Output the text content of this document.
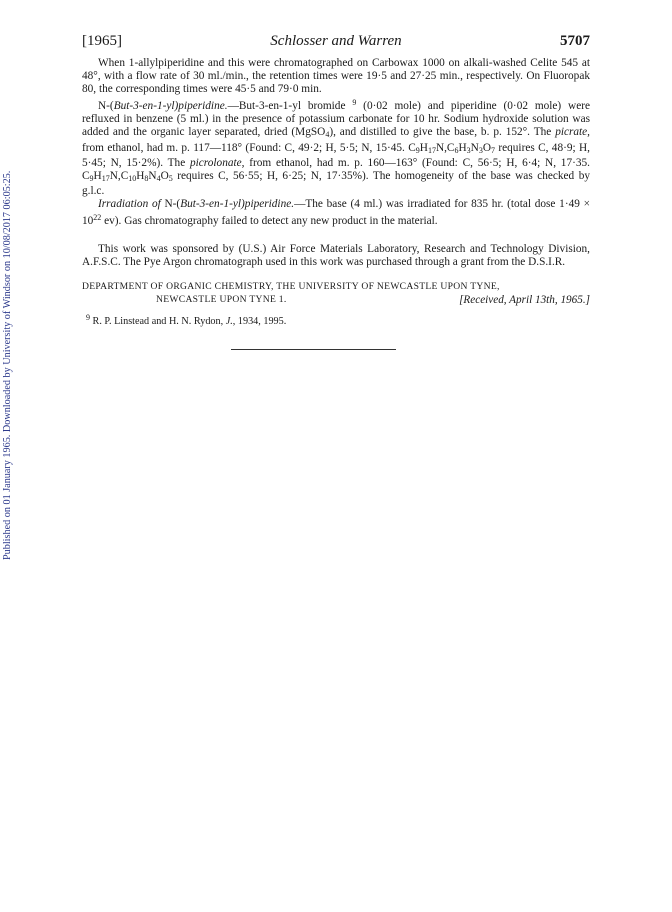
Published on 01 January 1965. Downloaded by University of Windsor on 10/08/2017 06:05:25.
[1965]	Schlosser and Warren	5707

When 1-allylpiperidine and this were chromatographed on Carbowax 1000 on alkali-washed Celite 545 at 48°, with a flow rate of 30 ml./min., the retention times were 19·5 and 27·25 min., respectively. On Fluoropak 80, the corresponding times were 45·5 and 79·0 min.

N-(But-3-en-1-yl)piperidine.—But-3-en-1-yl bromide $^9$ (0·02 mole) and piperidine (0·02 mole) were refluxed in benzene (5 ml.) in the presence of potassium carbonate for 10 hr. Sodium hydroxide solution was added and the organic layer separated, dried (MgSO$_4$), and distilled to give the base, b. p. 152°. The picrate, from ethanol, had m. p. 117—118° (Found: C, 49·2; H, 5·5; N, 15·45. $C_9H_{17}N,C_6H_3N_3O_7$ requires C, 48·9; H, 5·45; N, 15·2%). The picrolonate, from ethanol, had m. p. 160—163° (Found: C, 56·5; H, 6·4; N, 17·35. $C_9H_{17}N,C_{10}H_8N_4O_5$ requires C, 56·55; H, 6·25; N, 17·35%). The homogeneity of the base was checked by g.l.c.

Irradiation of N-(But-3-en-1-yl)piperidine.—The base (4 ml.) was irradiated for 835 hr. (total dose $1\cdot 49 \times 10^{22}$ ev). Gas chromatography failed to detect any new product in the material.

This work was sponsored by (U.S.) Air Force Materials Laboratory, Research and Technology Division, A.F.S.C. The Pye Argon chromatograph used in this work was purchased through a grant from the D.S.I.R.

DEPARTMENT OF ORGANIC CHEMISTRY, THE UNIVERSITY OF NEWCASTLE UPON TYNE,
NEWCASTLE UPON TYNE 1.	[Received, April 13th, 1965.]
$^9$ R. P. Linstead and H. N. Rydon, J., 1934, 1995.
